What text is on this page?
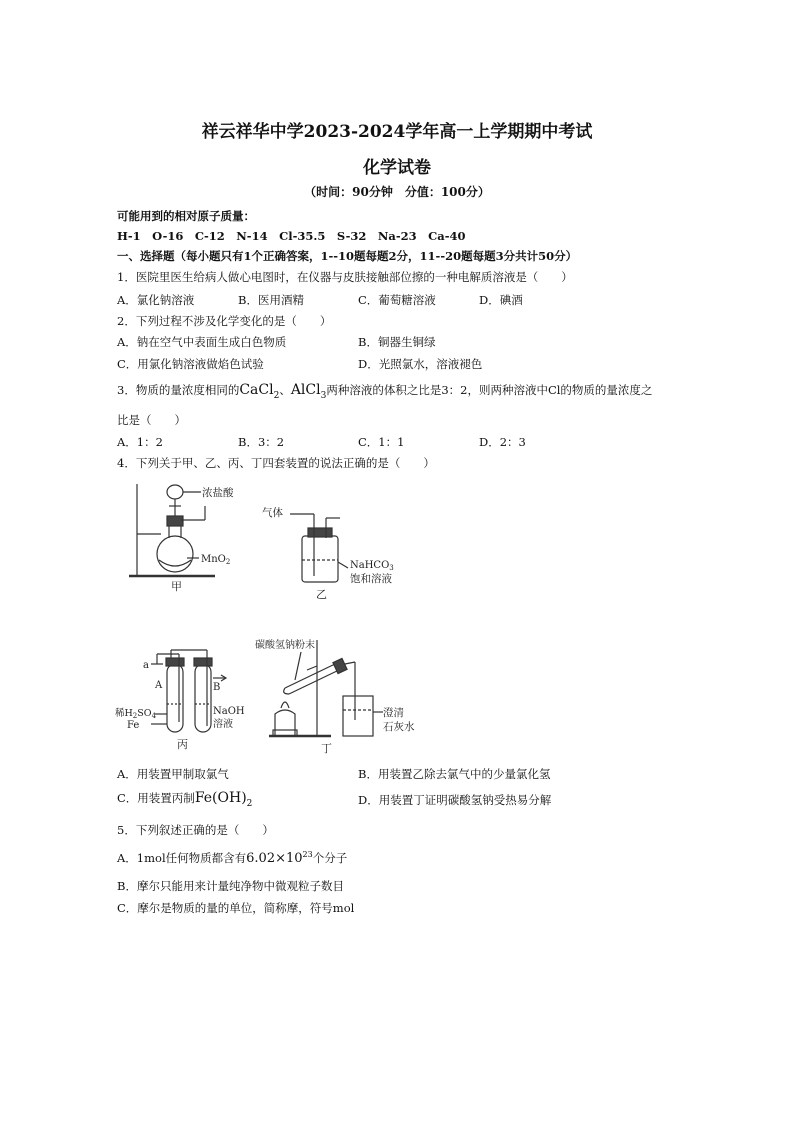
祥云祥华中学2023-2024学年高一上学期期中考试
化学试卷
（时间：90分钟　分值：100分）
可能用到的相对原子质量：
H-1　O-16　C-12　N-14　Cl-35.5　S-32　Na-23　Ca-40
一、选择题（每小题只有1个正确答案，1--10题每题2分，11--20题每题3分共计50分）
1．医院里医生给病人做心电图时，在仪器与皮肤接触部位擦的一种电解质溶液是（　　）
A．氯化钠溶液	B．医用酒精	C．葡萄糖溶液	D．碘酒
2．下列过程不涉及化学变化的是（　　）
A．钠在空气中表面生成白色物质	B．铜器生铜绿
C．用氯化钠溶液做焰色试验	D．光照氯水，溶液褪色
3．物质的量浓度相同的CaCl$_2$、AlCl$_3$两种溶液的体积之比是3：2，则两种溶液中Cl的物质的量浓度之
比是（　　）
A．1：2	B．3：2	C．1：1	D．2：3
4．下列关于甲、乙、丙、丁四套装置的说法正确的是（　　）
浓盐酸
MnO$_2$
甲
气体
NaHCO$_3$
饱和溶液
乙
a
A	B
稀$H_2SO_4$
Fe
NaOH
溶液
丙
碳酸氢钠粉末
澄清
石灰水
丁
A．用装置甲制取氯气	B．用装置乙除去氯气中的少量氯化氢
C．用装置丙制$Fe(OH)_2$	D．用装置丁证明碳酸氢钠受热易分解
5．下列叙述正确的是（　　）
A．1mol任何物质都含有$6.02\times 10^{23}$个分子
B．摩尔只能用来计量纯净物中微观粒子数目
C．摩尔是物质的量的单位，简称摩，符号mol
